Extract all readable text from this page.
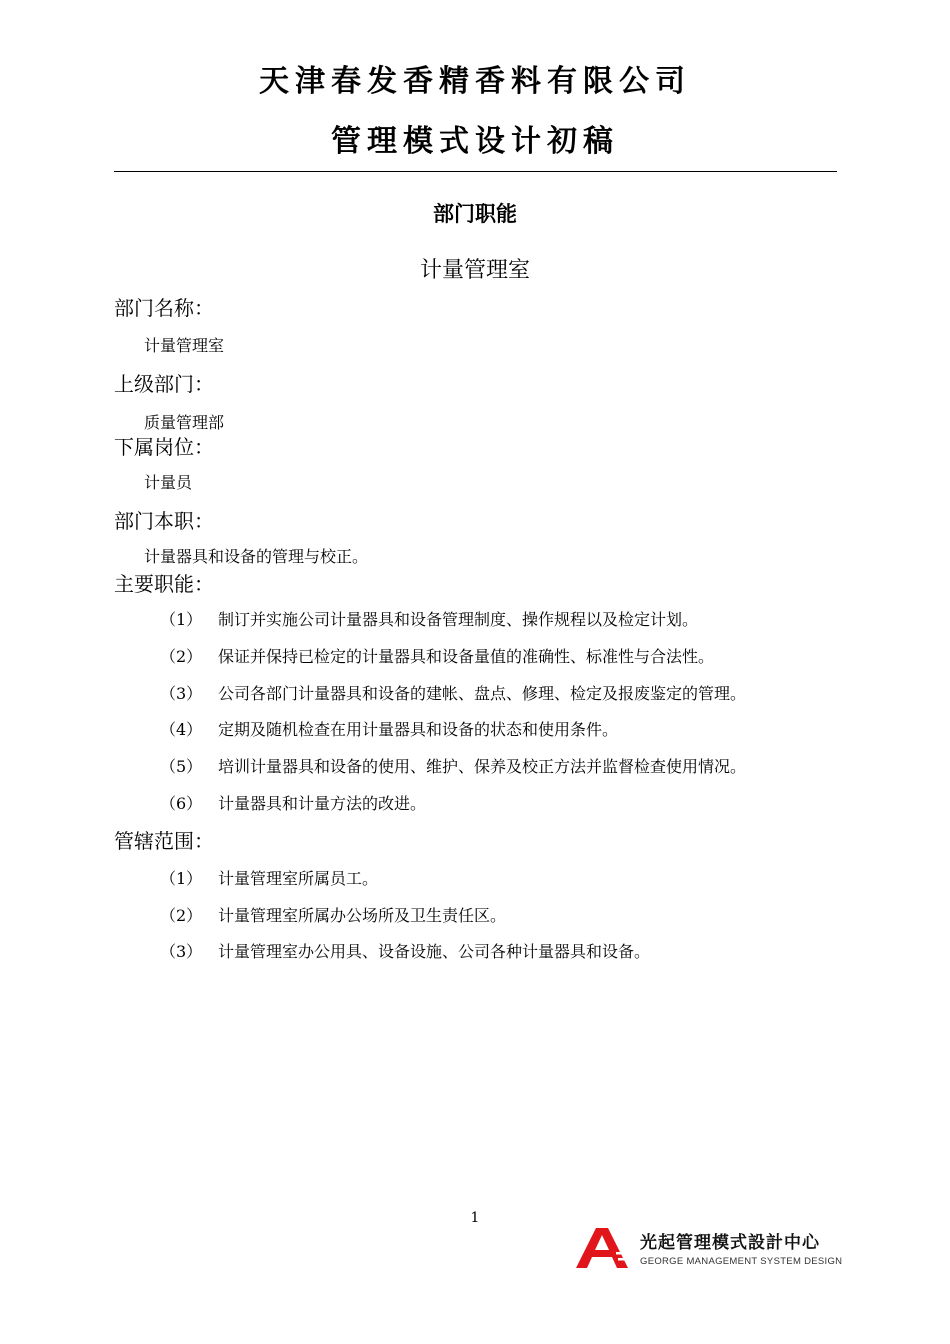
天津春发香精香料有限公司
管理模式设计初稿
部门职能
计量管理室
部门名称：
计量管理室
上级部门：
质量管理部
下属岗位：
计量员
部门本职：
计量器具和设备的管理与校正。
主要职能：
（1） 制订并实施公司计量器具和设备管理制度、操作规程以及检定计划。
（2） 保证并保持已检定的计量器具和设备量值的准确性、标准性与合法性。
（3） 公司各部门计量器具和设备的建帐、盘点、修理、检定及报废鉴定的管理。
（4） 定期及随机检查在用计量器具和设备的状态和使用条件。
（5） 培训计量器具和设备的使用、维护、保养及校正方法并监督检查使用情况。
（6） 计量器具和计量方法的改进。
管辖范围：
（1） 计量管理室所属员工。
（2） 计量管理室所属办公场所及卫生责任区。
（3） 计量管理室办公用具、设备设施、公司各种计量器具和设备。
1
光起管理模式設計中心
GEORGE MANAGEMENT SYSTEM DESIGN
